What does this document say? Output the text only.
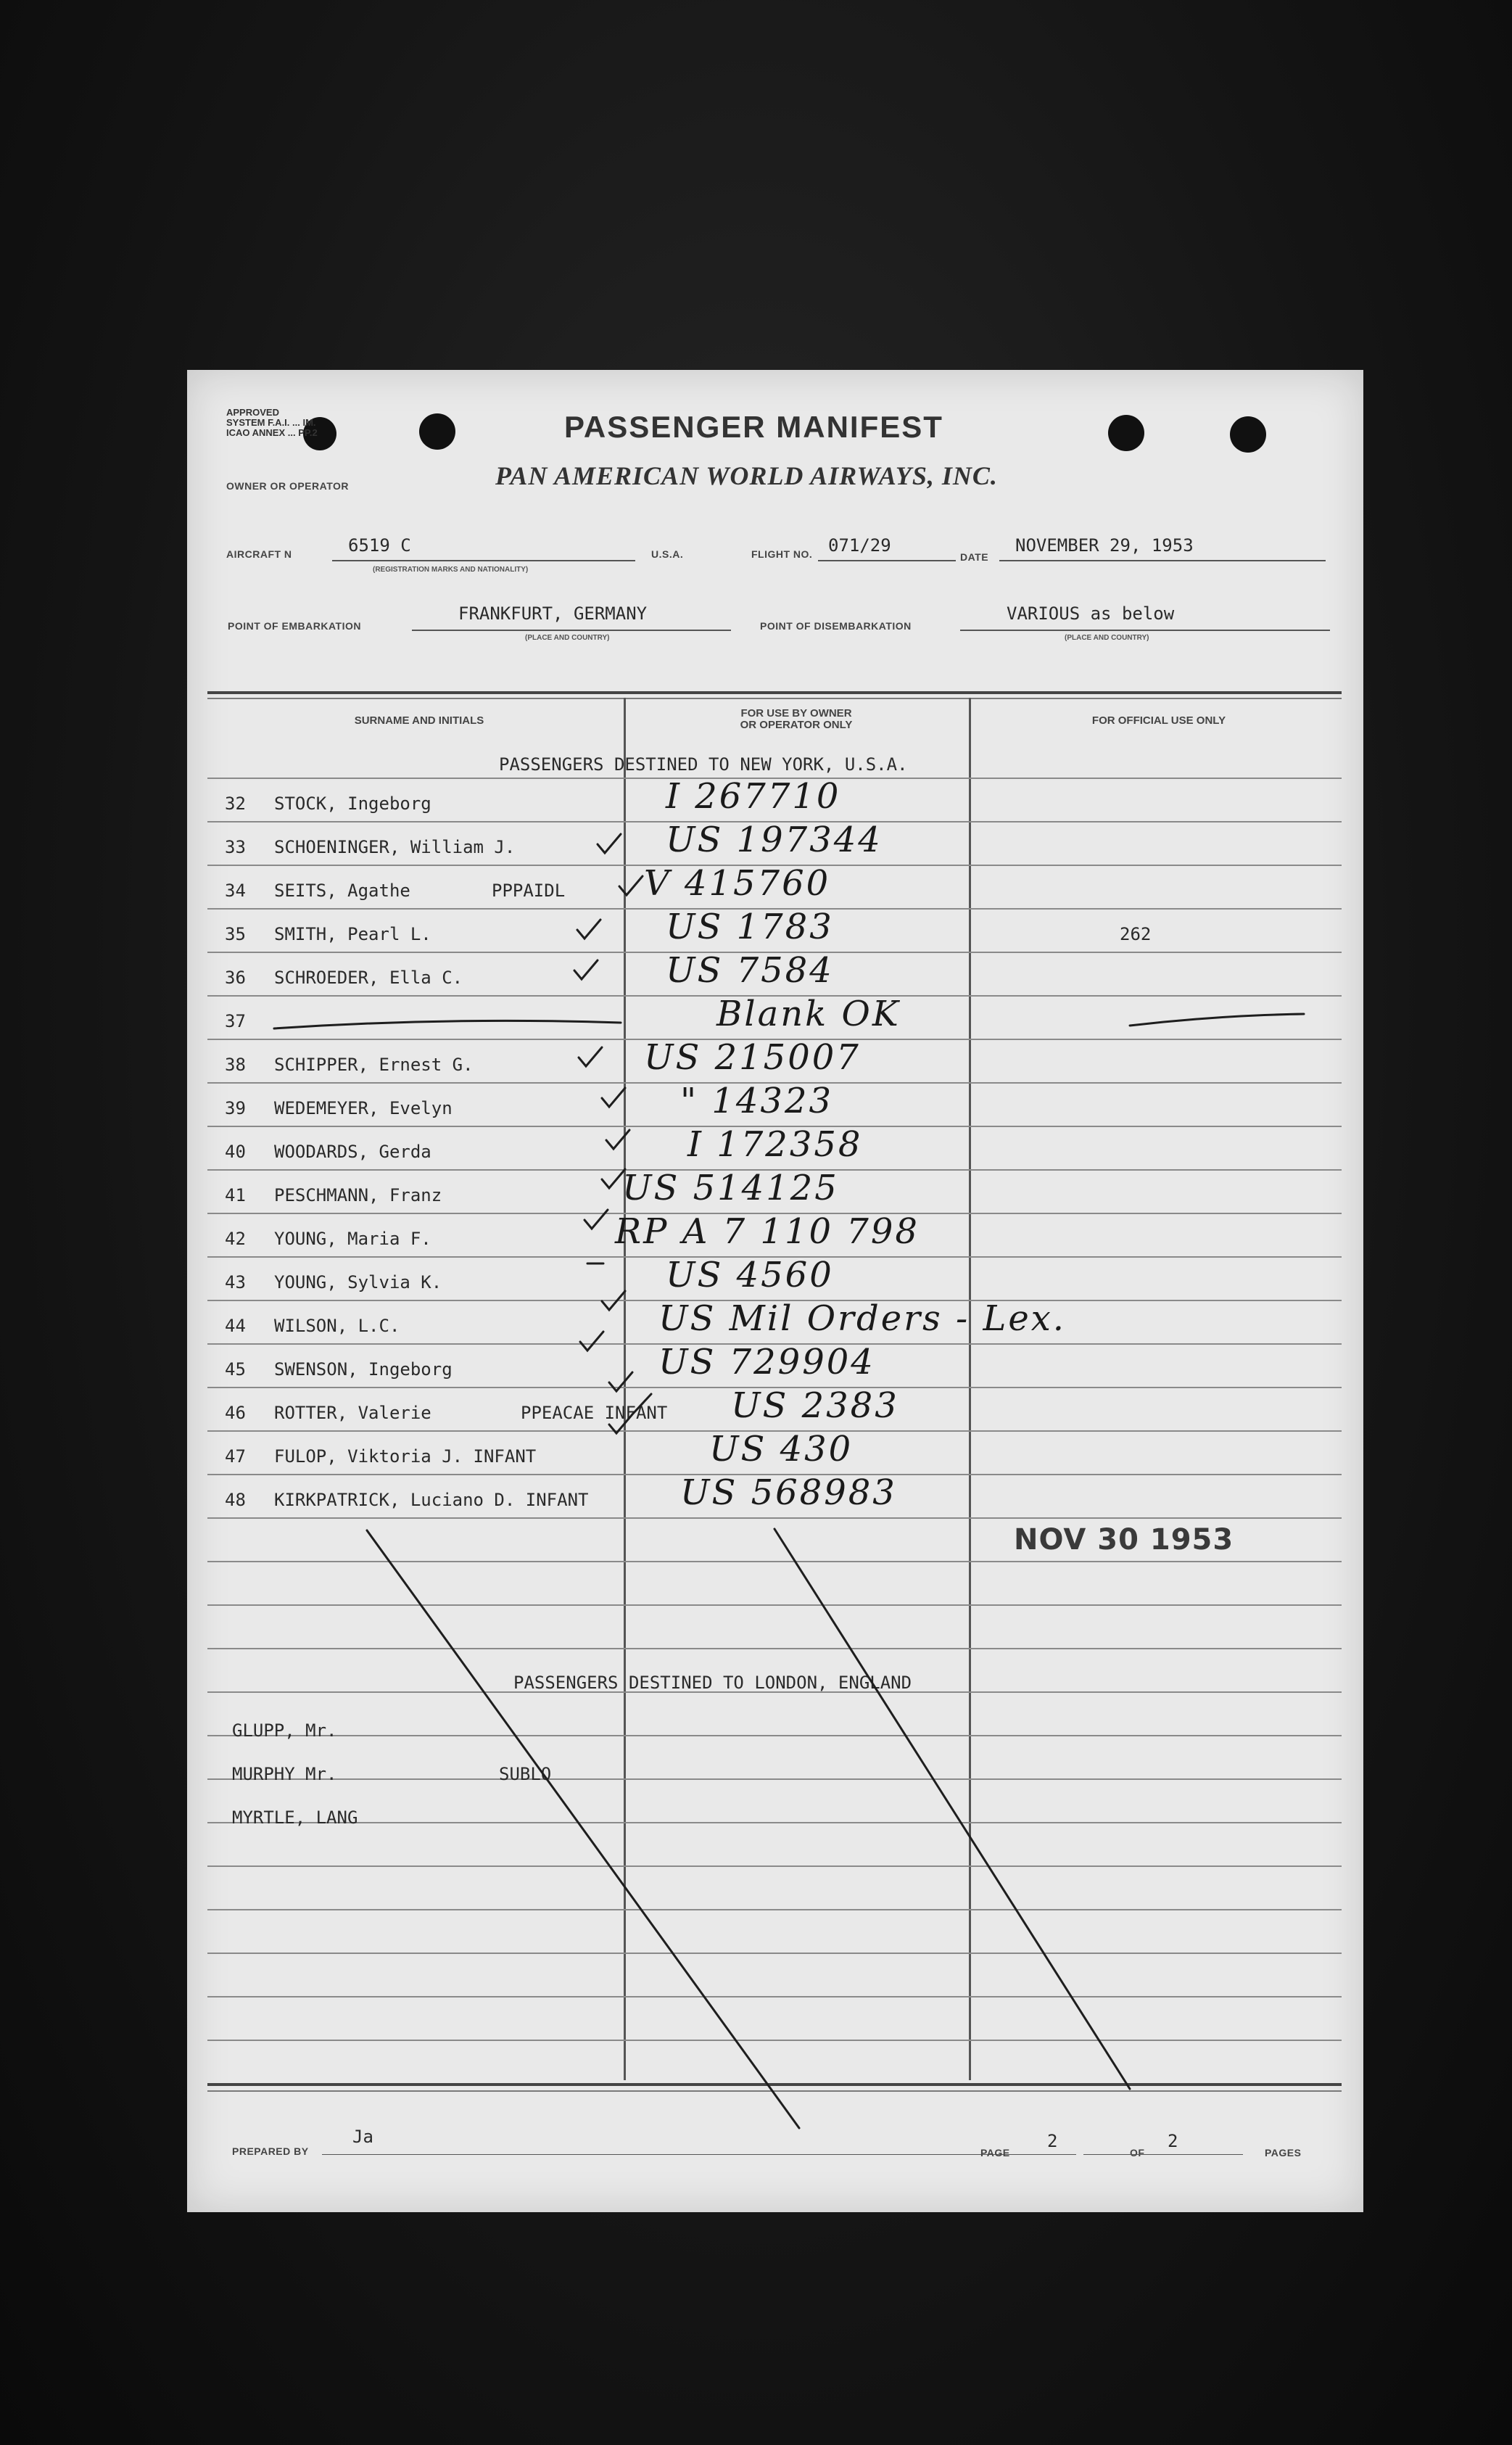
APPROVED
SYSTEM F.A.I. ... IM.
ICAO ANNEX ... PP.2	PASSENGER MANIFEST
OWNER OR OPERATOR	PAN AMERICAN WORLD AIRWAYS, INC.
AIRCRAFT N	6519 C
(REGISTRATION MARKS AND NATIONALITY)
U.S.A.	FLIGHT NO. 071/29
DATE
NOVEMBER 29, 1953
POINT OF EMBARKATION
FRANKFURT, GERMANY
(PLACE AND COUNTRY)
POINT OF DISEMBARKATION
VARIOUS as below
(PLACE AND COUNTRY)
SURNAME AND INITIALS
FOR USE BY OWNER
OR OPERATOR ONLY	FOR OFFICIAL USE ONLY
PASSENGERS DESTINED TO NEW YORK, U.S.A.
32	STOCK, Ingeborg	I 267710
33	SCHOENINGER, William J.	US 197344
34	SEITS, Agathe	PPPAIDL V 415760
35	SMITH, Pearl L.	US 1783	262
36	SCHROEDER, Ella C.	US 7584
37	Blank OK
38	SCHIPPER, Ernest G.	US 215007
39	WEDEMEYER, Evelyn	" 14323
40	WOODARDS, Gerda	I 172358
41	PESCHMANN, Franz	US 514125
42	YOUNG, Maria F.	RP A 7 110 798
43	YOUNG, Sylvia K.	US 4560
44	WILSON, L.C.	US Mil Orders - Lex.
45	SWENSON, Ingeborg	US 729904
46	ROTTER, Valerie	PPEACAE INFANT US 2383
47	FULOP, Viktoria J. INFANT	US 430
48	KIRKPATRICK, Luciano D. INFANT	US 568983
NOV 30 1953
PASSENGERS DESTINED TO LONDON, ENGLAND
GLUPP, Mr.
MURPHY Mr.	SUBLO
MYRTLE, LANG
PREPARED BY
Ja
PAGE
2
OF
2
PAGES
